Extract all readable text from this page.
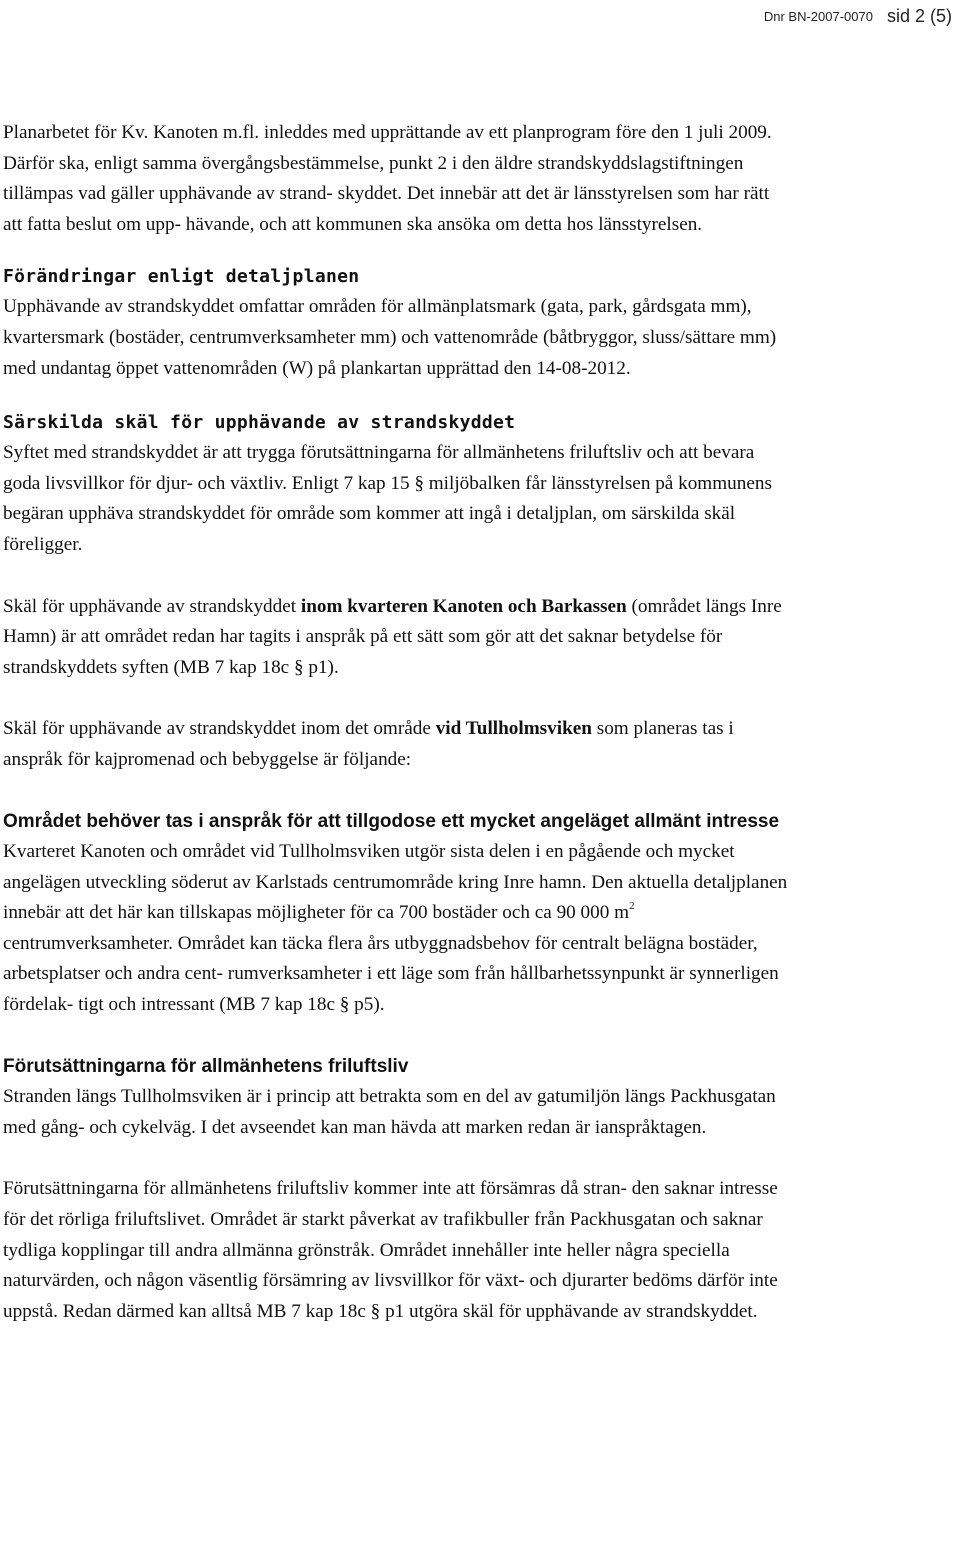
Dnr BN-2007-0070 sid 2 (5)

Planarbetet för Kv. Kanoten m.fl. inleddes med upprättande av ett planprogram före den 1 juli 2009. Därför ska, enligt samma övergångsbestämmelse, punkt 2 i den äldre strandskyddslagstiftningen tillämpas vad gäller upphävande av strand- skyddet. Det innebär att det är länsstyrelsen som har rätt att fatta beslut om upp- hävande, och att kommunen ska ansöka om detta hos länsstyrelsen.

Förändringar enligt detaljplanen

Upphävande av strandskyddet omfattar områden för allmänplatsmark (gata, park, gårdsgata mm), kvartersmark (bostäder, centrumverksamheter mm) och vattenområde (båtbryggor, sluss/sättare mm) med undantag öppet vattenområden (W) på plankartan upprättad den 14-08-2012.

Särskilda skäl för upphävande av strandskyddet

Syftet med strandskyddet är att trygga förutsättningarna för allmänhetens friluftsliv och att bevara goda livsvillkor för djur- och växtliv. Enligt 7 kap 15 § miljöbalken får länsstyrelsen på kommunens begäran upphäva strandskyddet för område som kommer att ingå i detaljplan, om särskilda skäl föreligger.

Skäl för upphävande av strandskyddet inom kvarteren Kanoten och Barkassen (området längs Inre Hamn) är att området redan har tagits i anspråk på ett sätt som gör att det saknar betydelse för strandskyddets syften (MB 7 kap 18c § p1).

Skäl för upphävande av strandskyddet inom det område vid Tullholmsviken som planeras tas i anspråk för kajpromenad och bebyggelse är följande:

Området behöver tas i anspråk för att tillgodose ett mycket angeläget allmänt intresse

Kvarteret Kanoten och området vid Tullholmsviken utgör sista delen i en pågående och mycket angelägen utveckling söderut av Karlstads centrumområde kring Inre hamn. Den aktuella detaljplanen innebär att det här kan tillskapas möjligheter för ca 700 bostäder och ca 90 000 $m^2$ centrumverksamheter. Området kan täcka flera års utbyggnadsbehov för centralt belägna bostäder, arbetsplatser och andra cent- rumverksamheter i ett läge som från hållbarhetssynpunkt är synnerligen fördelak- tigt och intressant (MB 7 kap 18c § p5).

Förutsättningarna för allmänhetens friluftsliv

Stranden längs Tullholmsviken är i princip att betrakta som en del av gatumiljön längs Packhusgatan med gång- och cykelväg. I det avseendet kan man hävda att marken redan är ianspråktagen.

Förutsättningarna för allmänhetens friluftsliv kommer inte att försämras då stran- den saknar intresse för det rörliga friluftslivet. Området är starkt påverkat av trafikbuller från Packhusgatan och saknar tydliga kopplingar till andra allmänna grönstråk. Området innehåller inte heller några speciella naturvärden, och någon väsentlig försämring av livsvillkor för växt- och djurarter bedöms därför inte uppstå. Redan därmed kan alltså MB 7 kap 18c § p1 utgöra skäl för upphävande av strandskyddet.
